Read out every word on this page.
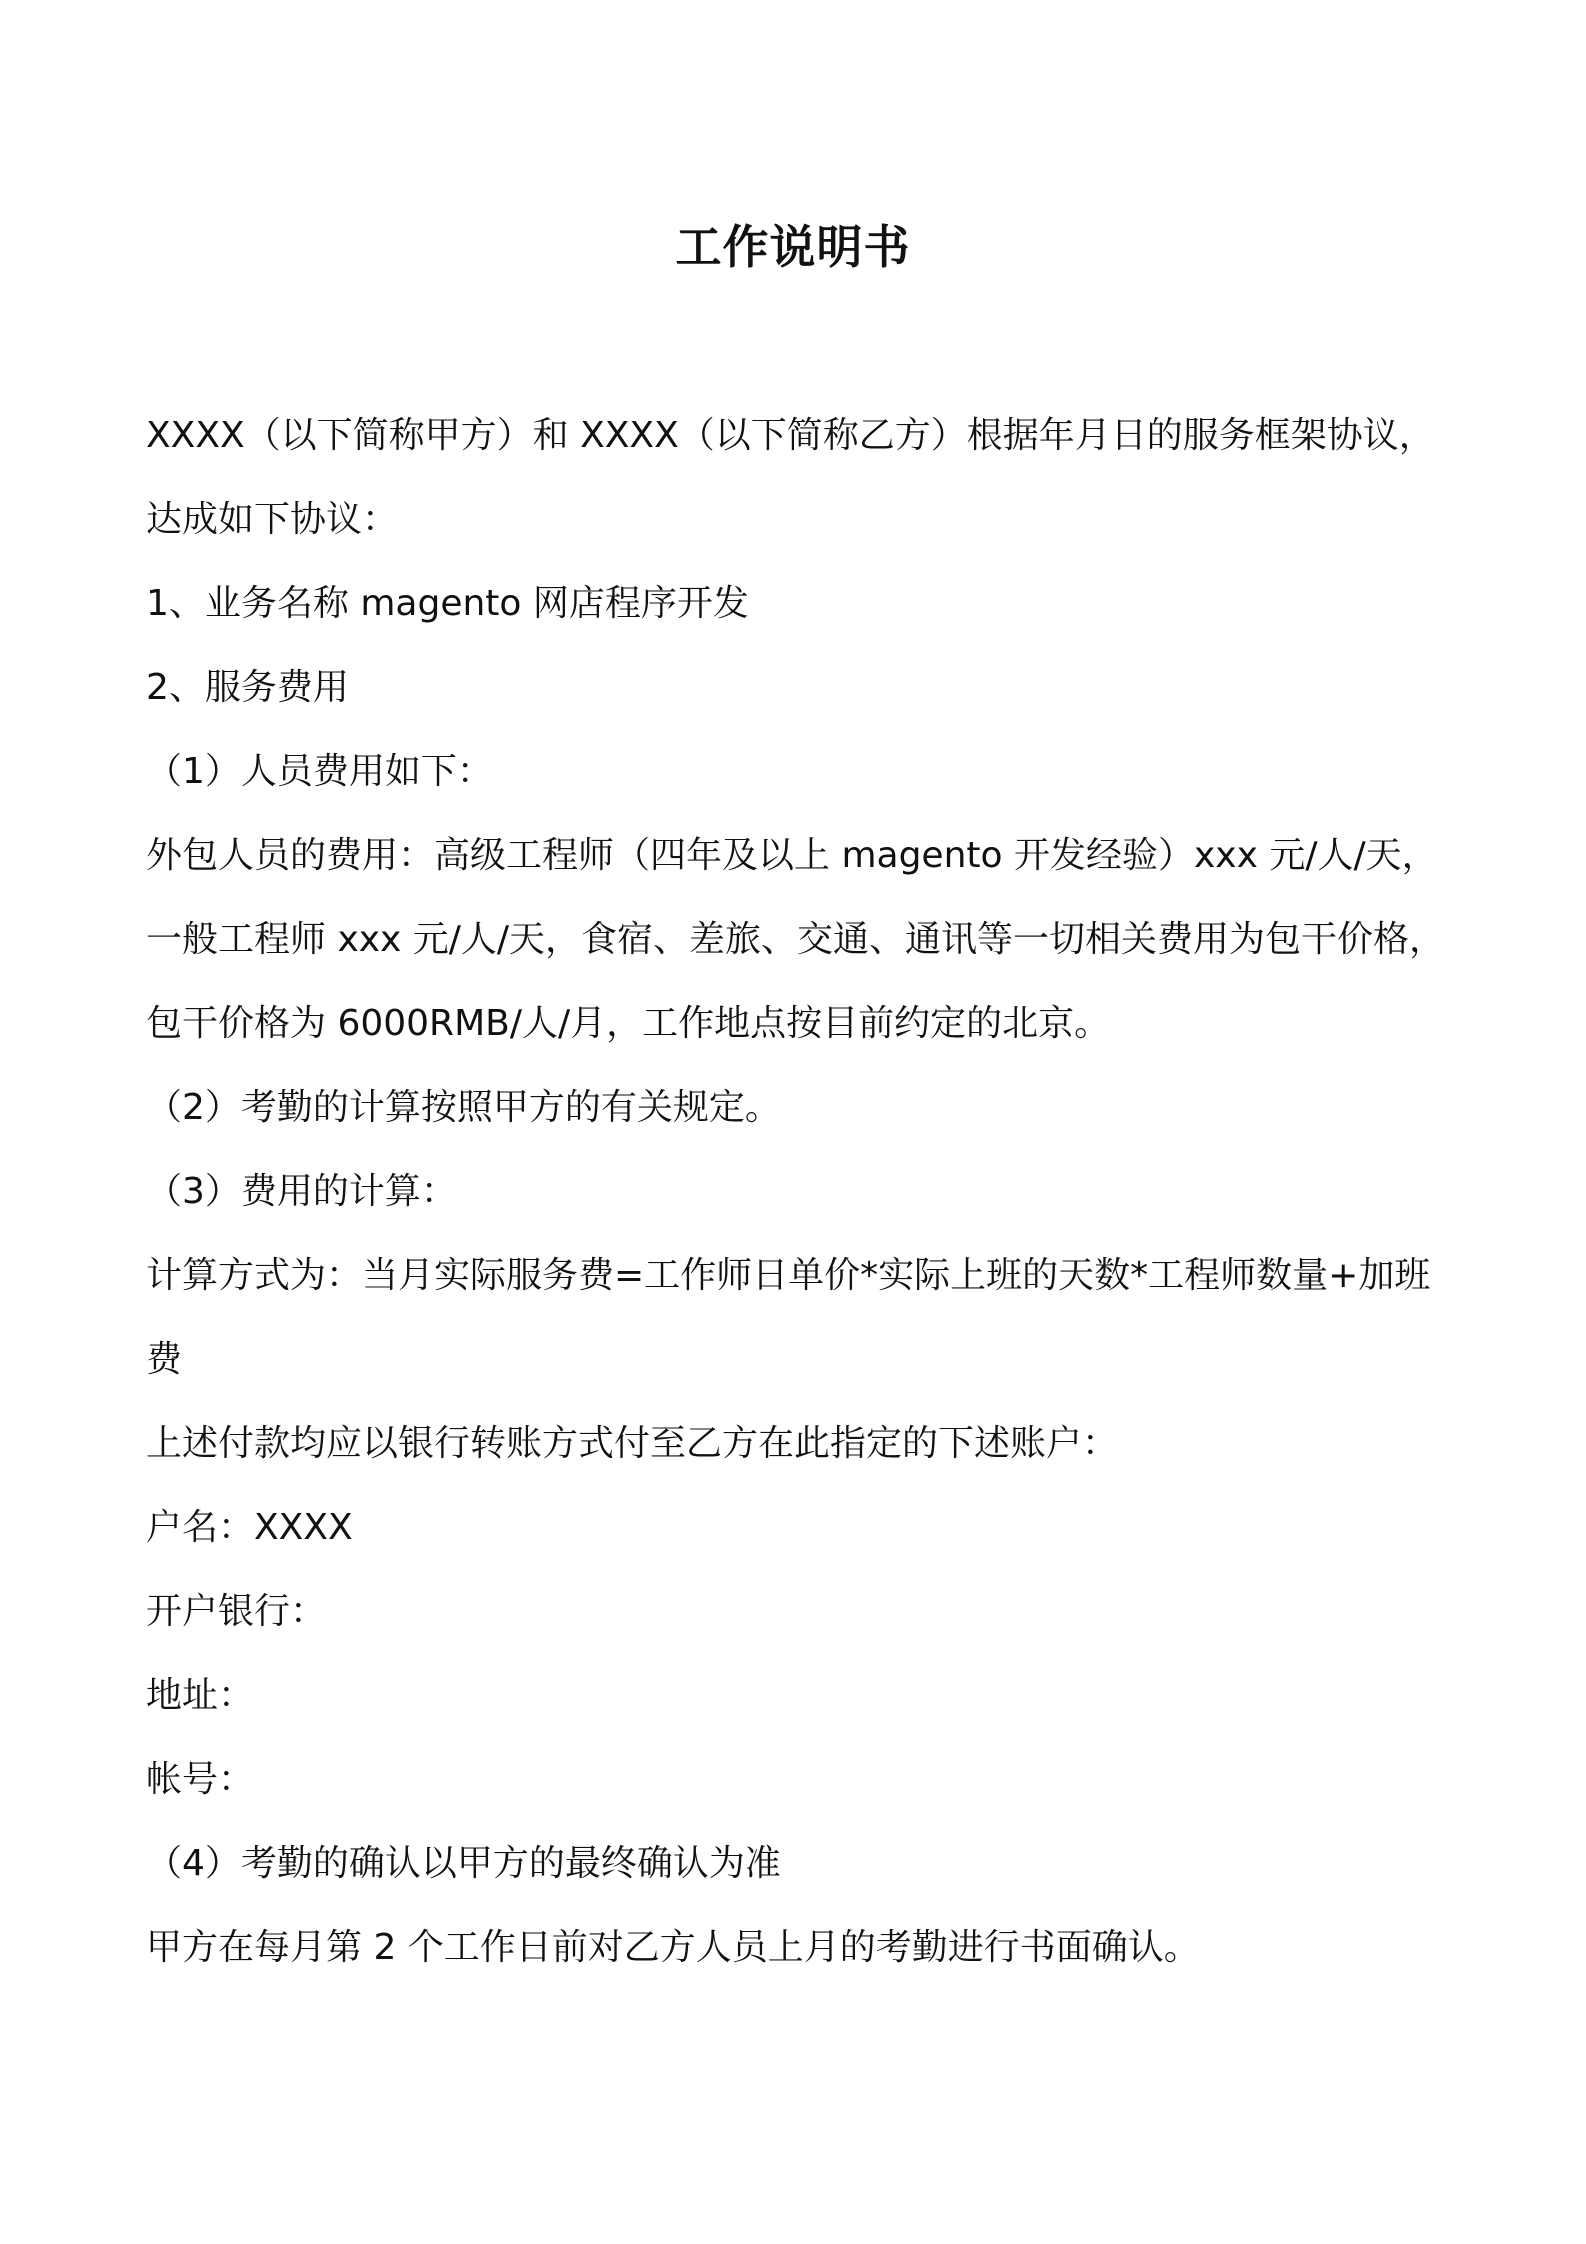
工作说明书
XXXX（以下简称甲方）和 XXXX（以下简称乙方）根据年月日的服务框架协议，
达成如下协议：
1、业务名称 magento 网店程序开发
2、服务费用
（1）人员费用如下：
外包人员的费用：高级工程师（四年及以上 magento 开发经验）xxx 元/人/天，
一般工程师 xxx 元/人/天，食宿、差旅、交通、通讯等一切相关费用为包干价格，
包干价格为 6000RMB/人/月，工作地点按目前约定的北京。
（2）考勤的计算按照甲方的有关规定。
（3）费用的计算：
计算方式为：当月实际服务费=工作师日单价*实际上班的天数*工程师数量+加班
费
上述付款均应以银行转账方式付至乙方在此指定的下述账户：
户名：XXXX
开户银行：
地址：
帐号：
（4）考勤的确认以甲方的最终确认为准
甲方在每月第 2 个工作日前对乙方人员上月的考勤进行书面确认。
